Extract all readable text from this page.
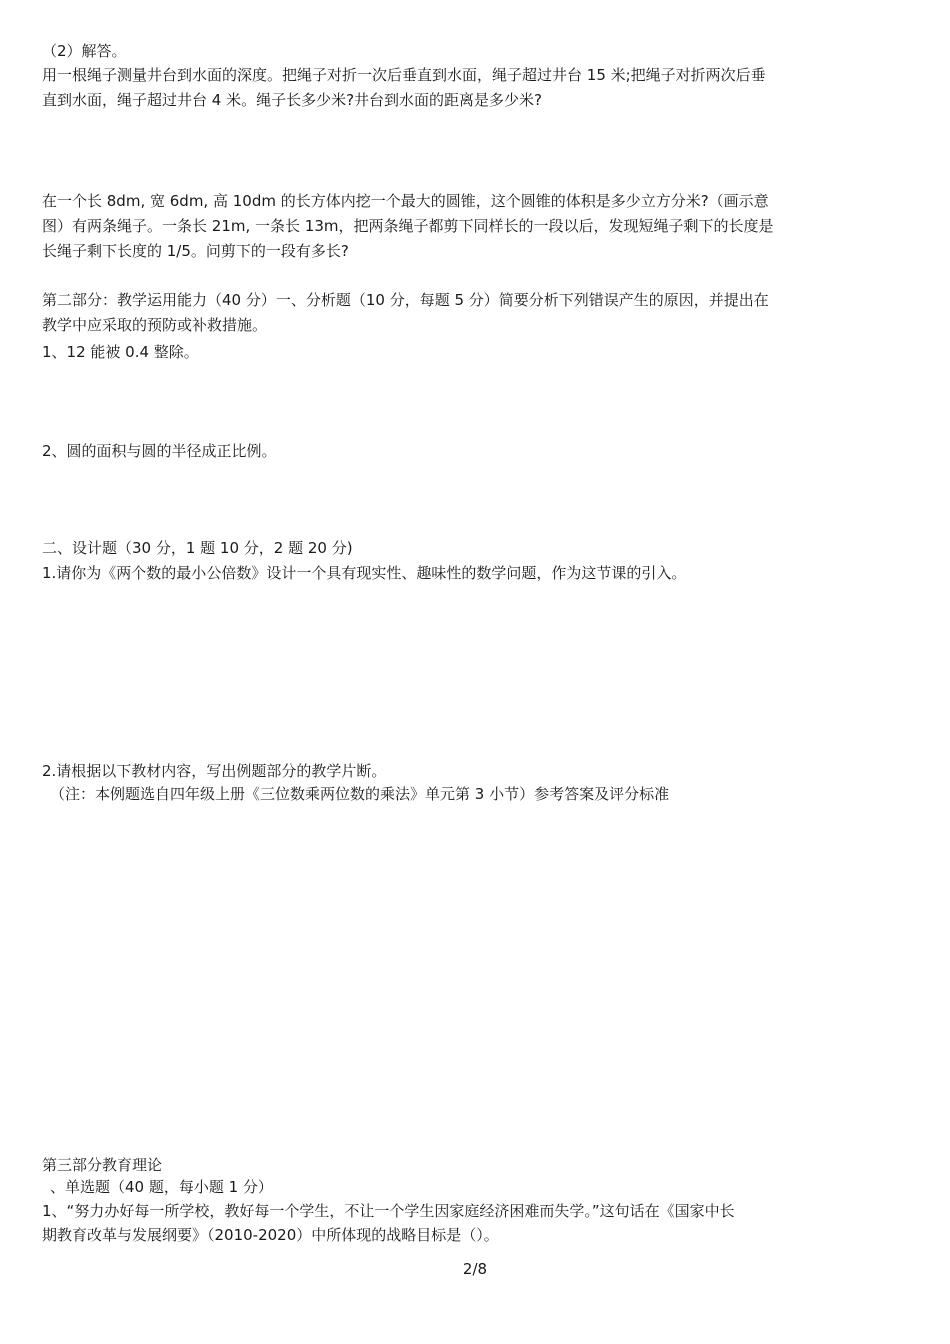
（2）解答。
用一根绳子测量井台到水面的深度。把绳子对折一次后垂直到水面，绳子超过井台 15 米;把绳子对折两次后垂
直到水面，绳子超过井台 4 米。绳子长多少米?井台到水面的距离是多少米?
在一个长 8dm, 宽 6dm, 高 10dm 的长方体内挖一个最大的圆锥，这个圆锥的体积是多少立方分米?（画示意
图）有两条绳子。一条长 21m, 一条长 13m，把两条绳子都剪下同样长的一段以后，发现短绳子剩下的长度是
长绳子剩下长度的 1/5。问剪下的一段有多长?
第二部分：教学运用能力（40 分）一、分析题（10 分，每题 5 分）简要分析下列错误产生的原因，并提出在
教学中应采取的预防或补救措施。
1、12 能被 0.4 整除。
2、圆的面积与圆的半径成正比例。
二、设计题（30 分，1 题 10 分，2 题 20 分)
1.请你为《两个数的最小公倍数》设计一个具有现实性、趣味性的数学问题，作为这节课的引入。
2.请根据以下教材内容，写出例题部分的教学片断。
（注：本例题选自四年级上册《三位数乘两位数的乘法》单元第 3 小节）参考答案及评分标准
第三部分教育理论
、单选题（40 题，每小题 1 分）
1、“努力办好每一所学校，教好每一个学生，不让一个学生因家庭经济困难而失学。”这句话在《国家中长
期教育改革与发展纲要》（2010-2020）中所体现的战略目标是（）。
2/8
